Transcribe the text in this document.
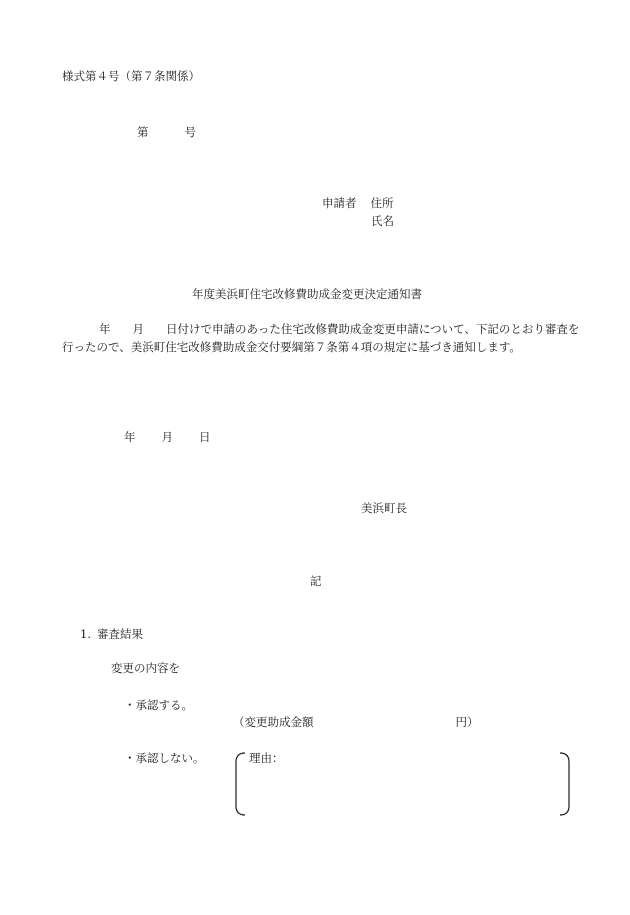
様式第４号（第７条関係）
第	号
申請者 住所
氏名
年度美浜町住宅改修費助成金変更決定通知書
年 月 日付けで申請のあった住宅改修費助成金変更申請について、下記のとおり審査を行ったので、美浜町住宅改修費助成金交付要綱第７条第４項の規定に基づき通知します。
年 月 日
美浜町長
記
1. 審査結果
変更の内容を
・承認する。
（変更助成金額	円）
・承認しない。	理由：
